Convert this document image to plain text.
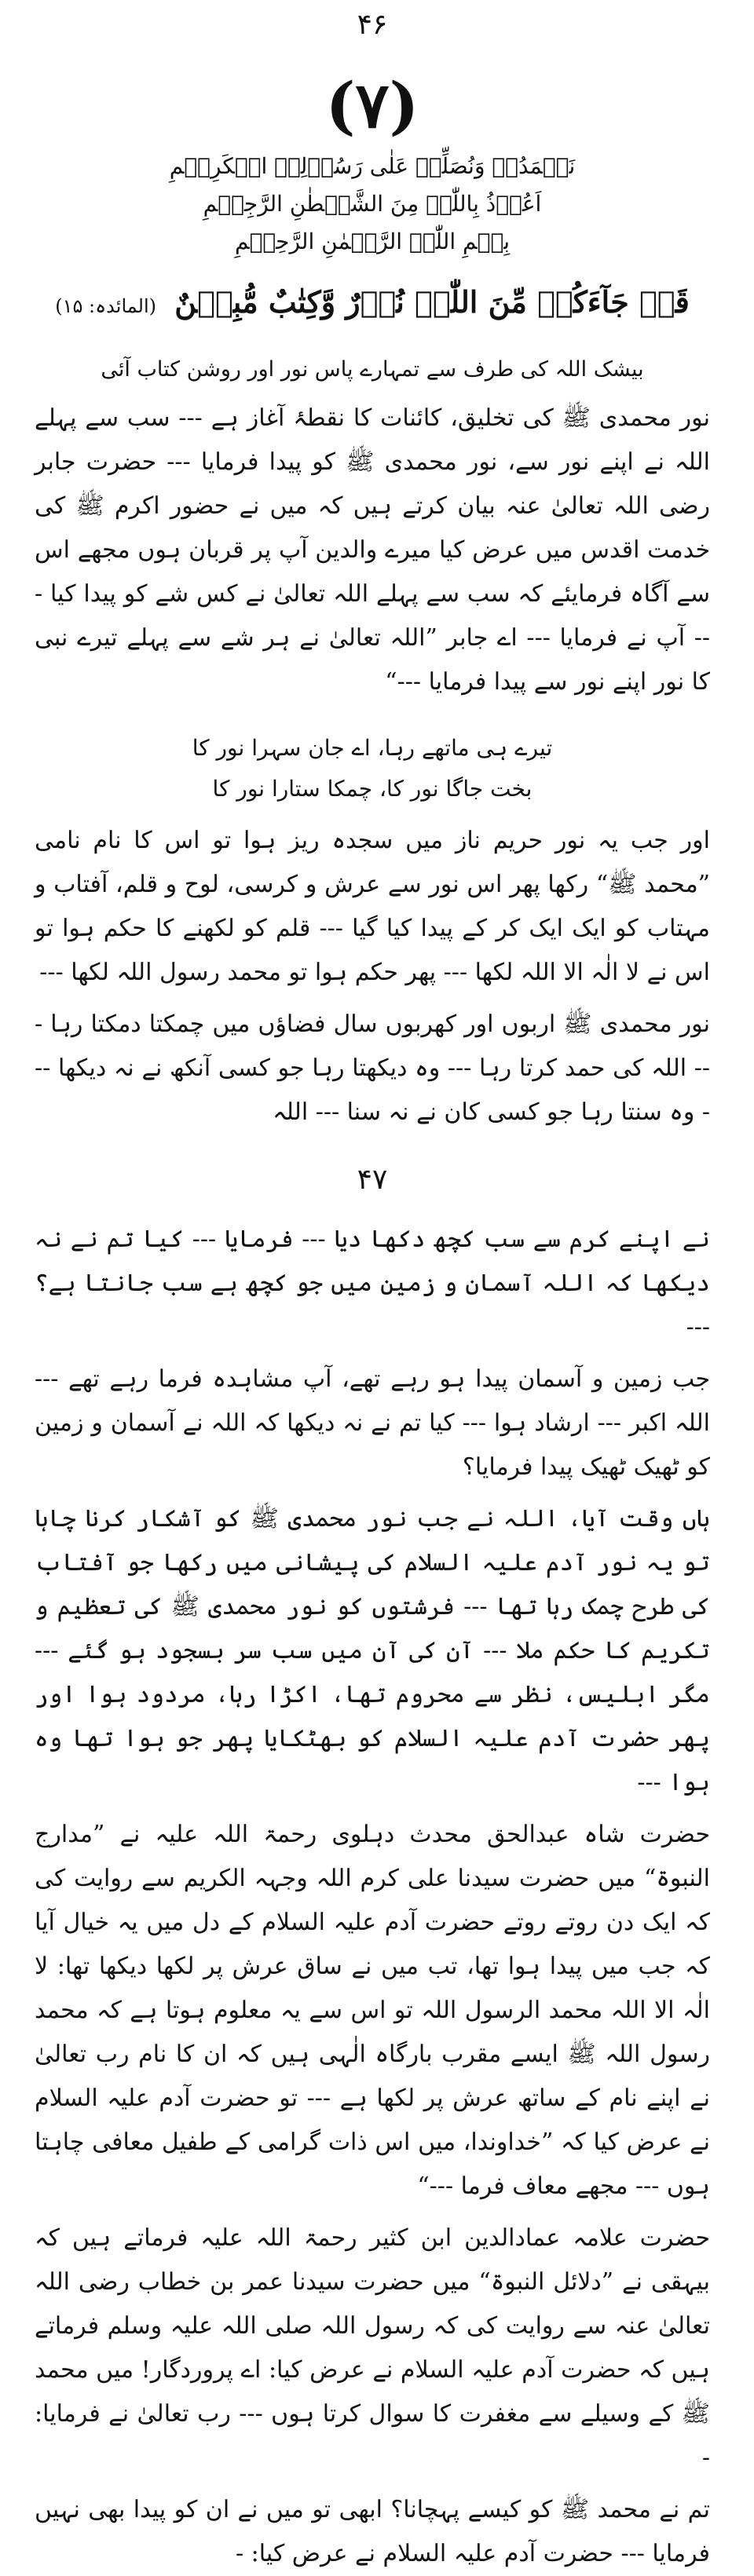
۴۶
(۷)
نَحۡمَدُہٗ وَنُصَلِّیۡ عَلٰی رَسُوۡلِہِ الۡکَرِیۡمِ
اَعُوۡذُ بِاللّٰہِ مِنَ الشَّیۡطٰنِ الرَّجِیۡمِ
بِسۡمِ اللّٰہِ الرَّحۡمٰنِ الرَّحِیۡمِ
قَدۡ جَآءَکُمۡ مِّنَ اللّٰہِ نُوۡرٌ وَّکِتٰبٌ مُّبِیۡنٌ (المائدہ: ۱۵)
بیشک اللہ کی طرف سے تمہارے پاس نور اور روشن کتاب آئی

نور محمدی ﷺ کی تخلیق، کائنات کا نقطۂ آغاز ہے --- سب سے پہلے اللہ نے اپنے نور سے، نور محمدی ﷺ کو پیدا فرمایا --- حضرت جابر رضی اللہ تعالیٰ عنہ بیان کرتے ہیں کہ میں نے حضور اکرم ﷺ کی خدمت اقدس میں عرض کیا میرے والدین آپ پر قربان ہوں مجھے اس سے آگاہ فرمایئے کہ سب سے پہلے اللہ تعالیٰ نے کس شے کو پیدا کیا --- آپ نے فرمایا --- اے جابر ”اللہ تعالیٰ نے ہر شے سے پہلے تیرے نبی کا نور اپنے نور سے پیدا فرمایا ---“

تیرے ہی ماتھے رہا، اے جان سہرا نور کا
بخت جاگا نور کا، چمکا ستارا نور کا

اور جب یہ نور حریم ناز میں سجدہ ریز ہوا تو اس کا نام نامی ”محمد ﷺ“ رکھا پھر اس نور سے عرش و کرسی، لوح و قلم، آفتاب و مہتاب کو ایک ایک کر کے پیدا کیا گیا --- قلم کو لکھنے کا حکم ہوا تو اس نے لا الٰہ الا اللہ لکھا --- پھر حکم ہوا تو محمد رسول اللہ لکھا ---

نور محمدی ﷺ اربوں اور کھربوں سال فضاؤں میں چمکتا دمکتا رہا --- اللہ کی حمد کرتا رہا --- وہ دیکھتا رہا جو کسی آنکھ نے نہ دیکھا --- وہ سنتا رہا جو کسی کان نے نہ سنا --- اللہ

۴۷

نے اپنے کرم سے سب کچھ دکھا دیا --- فرمایا --- کیا تم نے نہ دیکھا کہ اللہ آسمان و زمین میں جو کچھ ہے سب جانتا ہے؟ ---

جب زمین و آسمان پیدا ہو رہے تھے، آپ مشاہدہ فرما رہے تھے --- اللہ اکبر --- ارشاد ہوا --- کیا تم نے نہ دیکھا کہ اللہ نے آسمان و زمین کو ٹھیک ٹھیک پیدا فرمایا؟

ہاں وقت آیا، اللہ نے جب نور محمدی ﷺ کو آشکار کرنا چاہا تو یہ نور آدم علیہ السلام کی پیشانی میں رکھا جو آفتاب کی طرح چمک رہا تھا --- فرشتوں کو نور محمدی ﷺ کی تعظیم و تکریم کا حکم ملا --- آن کی آن میں سب سر بسجود ہو گئے --- مگر ابلیس، نظر سے محروم تھا، اکڑا رہا، مردود ہوا اور پھر حضرت آدم علیہ السلام کو بھٹکایا پھر جو ہوا تھا وہ ہوا ---

حضرت شاہ عبدالحق محدث دہلوی رحمۃ اللہ علیہ نے ”مدارج النبوۃ“ میں حضرت سیدنا علی کرم اللہ وجہہ الکریم سے روایت کی کہ ایک دن روتے روتے حضرت آدم علیہ السلام کے دل میں یہ خیال آیا کہ جب میں پیدا ہوا تھا، تب میں نے ساق عرش پر لکھا دیکھا تھا: لا الٰہ الا اللہ محمد الرسول اللہ تو اس سے یہ معلوم ہوتا ہے کہ محمد رسول اللہ ﷺ ایسے مقرب بارگاہ الٰہی ہیں کہ ان کا نام رب تعالیٰ نے اپنے نام کے ساتھ عرش پر لکھا ہے --- تو حضرت آدم علیہ السلام نے عرض کیا کہ ”خداوندا، میں اس ذات گرامی کے طفیل معافی چاہتا ہوں --- مجھے معاف فرما ---“

حضرت علامہ عمادالدین ابن کثیر رحمۃ اللہ علیہ فرماتے ہیں کہ بیہقی نے ”دلائل النبوۃ“ میں حضرت سیدنا عمر بن خطاب رضی اللہ تعالیٰ عنہ سے روایت کی کہ رسول اللہ صلی اللہ علیہ وسلم فرماتے ہیں کہ حضرت آدم علیہ السلام نے عرض کیا: اے پروردگار! میں محمد ﷺ کے وسیلے سے مغفرت کا سوال کرتا ہوں --- رب تعالیٰ نے فرمایا: -

تم نے محمد ﷺ کو کیسے پہچانا؟ ابھی تو میں نے ان کو پیدا بھی نہیں فرمایا --- حضرت آدم علیہ السلام نے عرض کیا: -
